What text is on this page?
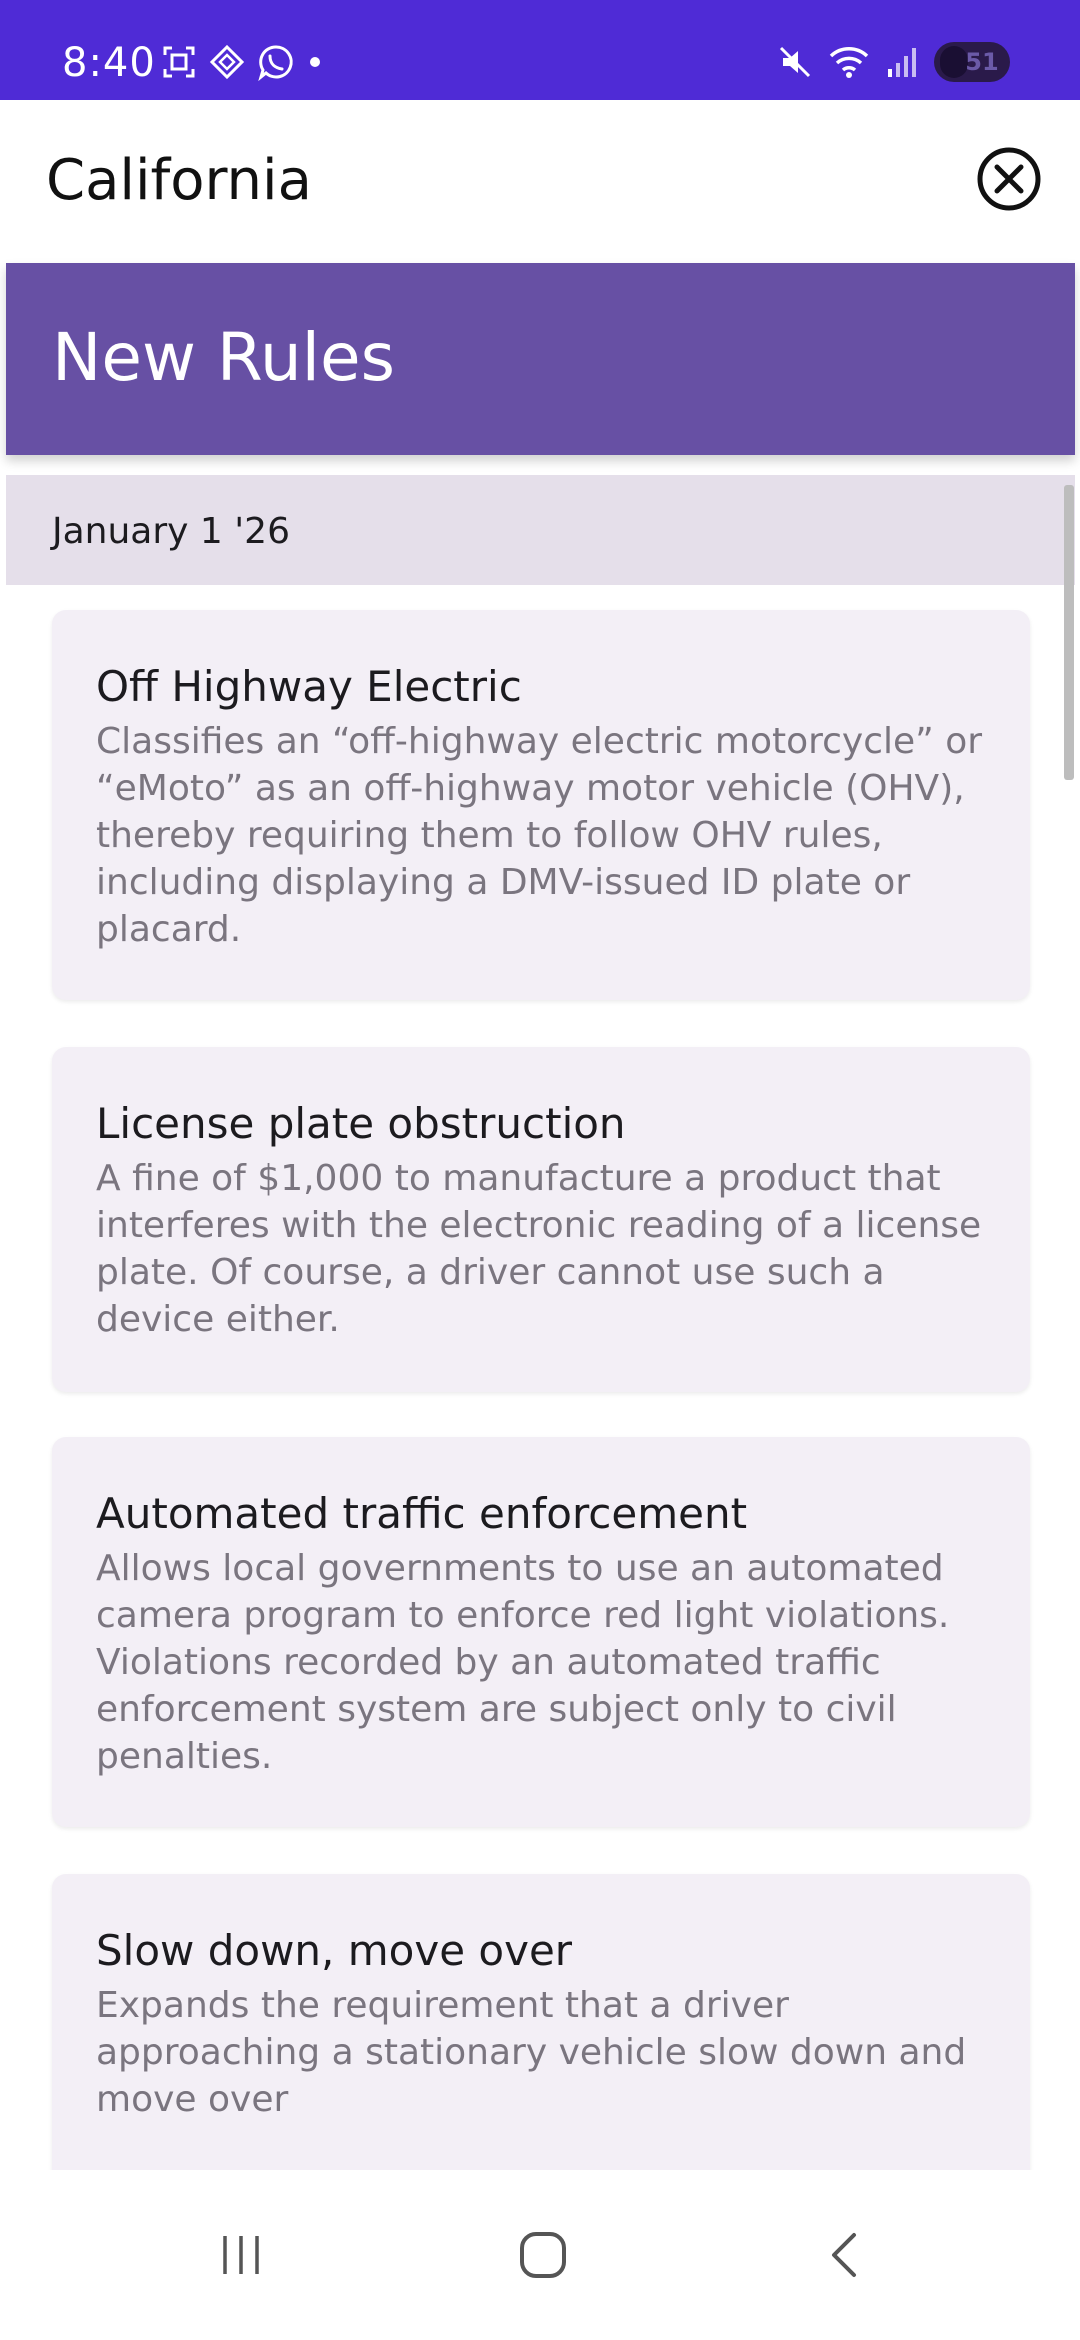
8:40	51
California
New Rules
January 1 '26
Off Highway Electric
Classifies an “off-highway electric motorcycle” or “eMoto” as an off-highway motor vehicle (OHV), thereby requiring them to follow OHV rules, including displaying a DMV-issued ID plate or placard.
License plate obstruction
A fine of $1,000 to manufacture a product that interferes with the electronic reading of a license plate. Of course, a driver cannot use such a device either.
Automated traffic enforcement
Allows local governments to use an automated camera program to enforce red light violations. Violations recorded by an automated traffic enforcement system are subject only to civil penalties.
Slow down, move over
Expands the requirement that a driver approaching a stationary vehicle slow down and move over
